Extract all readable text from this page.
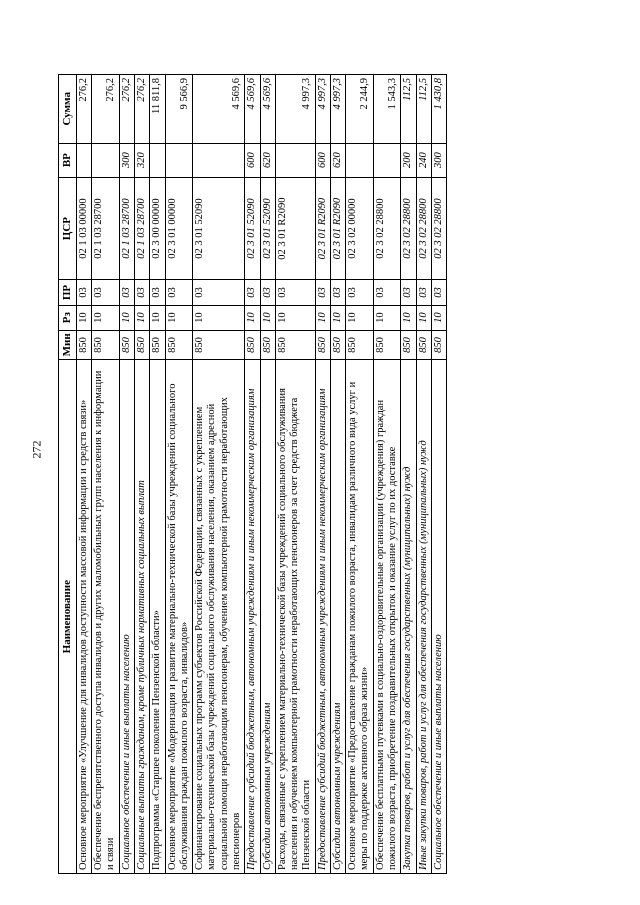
272
Наименование	Мин	Рз	ПР	ЦСР	ВР	Сумма
Основное мероприятие «Улучшение для инвалидов доступности массовой информации и средств связи»	850	10	03	02 1 03 00000		276,2
Обеспечение беспрепятственного доступа инвалидов и других маломобильных групп населения к информации и связи	850	10	03	02 1 03 28700		276,2
Социальное обеспечение и иные выплаты населению	850	10	03	02 1 03 28700	300	276,2
Социальные выплаты гражданам, кроме публичных нормативных социальных выплат	850	10	03	02 1 03 28700	320	276,2
Подпрограмма «Старшее поколение Пензенской области»	850	10	03	02 3 00 00000		11 811,8
Основное мероприятие «Модернизация и развитие материально-технической базы учреждений социального обслуживания граждан пожилого возраста, инвалидов»	850	10	03	02 3 01 00000		9 566,9
Софинансирование социальных программ субъектов Российской Федерации, связанных с укреплением материально-технической базы учреждений социального обслуживания населения, оказанием адресной социальной помощи неработающим пенсионерам, обучением компьютерной грамотности неработающих пенсионеров	850	10	03	02 3 01 52090		4 569,6
Предоставление субсидий бюджетным, автономным учреждениям и иным некоммерческим организациям	850	10	03	02 3 01 52090	600	4 569,6
Субсидии автономным учреждениям	850	10	03	02 3 01 52090	620	4 569,6
Расходы, связанные с укреплением материально-технической базы учреждений социального обслуживания населения и обучением компьютерной грамотности неработающих пенсионеров за счет средств бюджета Пензенской области	850	10	03	02 3 01 R2090		4 997,3
Предоставление субсидий бюджетным, автономным учреждениям и иным некоммерческим организациям	850	10	03	02 3 01 R2090	600	4 997,3
Субсидии автономным учреждениям	850	10	03	02 3 01 R2090	620	4 997,3
Основное мероприятие «Предоставление гражданам пожилого возраста, инвалидам различного вида услуг и меры по поддержке активного образа жизни»	850	10	03	02 3 02 00000		2 244,9
Обеспечение бесплатными путевками в социально-оздоровительные организации (учреждения) граждан пожилого возраста, приобретение поздравительных открыток и оказание услуг по их доставке	850	10	03	02 3 02 28800		1 543,3
Закупка товаров, работ и услуг для обеспечения государственных (муниципальных) нужд	850	10	03	02 3 02 28800	200	112,5
Иные закупки товаров, работ и услуг для обеспечения государственных (муниципальных) нужд	850	10	03	02 3 02 28800	240	112,5
Социальное обеспечение и иные выплаты населению	850	10	03	02 3 02 28800	300	1 430,8
